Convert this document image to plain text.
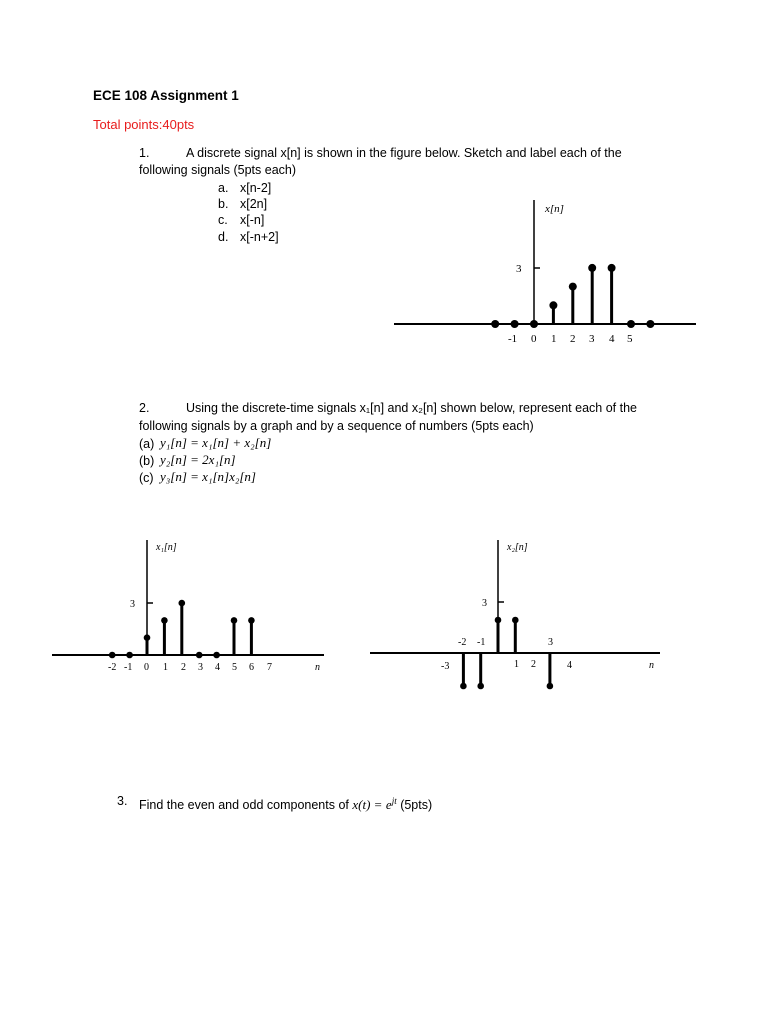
ECE 108 Assignment 1
Total points:40pts
1.	A discrete signal x[n] is shown in the figure below. Sketch and label each of the
following signals (5pts each)
a. x[n-2]
b. x[2n]
c. x[-n]
d. x[-n+2]
3
x[n]
-1 0 1 2 3 4 5
2.	Using the discrete-time signals x₁[n] and x₂[n] shown below, represent each of the
following signals by a graph and by a sequence of numbers (5pts each)
(a) y₁[n] = x₁[n] + x₂[n]
(b) y₂[n] = 2x₁[n]
(c) y₃[n] = x₁[n]x₂[n]
3
x₁[n]
n
-2 -1 0 1 2 3 4 5 6 7
3
x₂[n]
n
-3
-2 -1
1 2
3
4
3. Find the even and odd components of $x(t) = e^{jt}$ (5pts)
